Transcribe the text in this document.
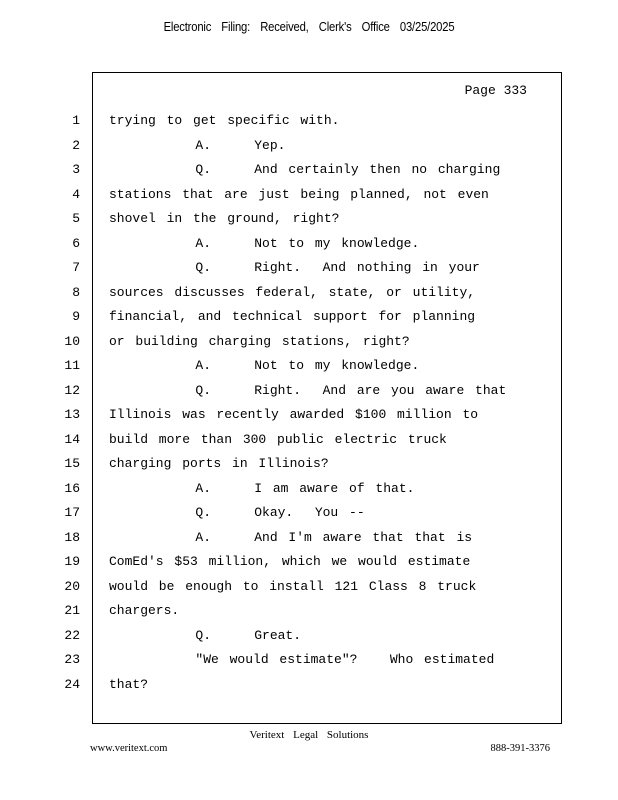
Electronic Filing: Received, Clerk's Office 03/25/2025
Page 333
1 trying to get specific with.
2 A.    Yep.
3 Q.    And certainly then no charging
4 stations that are just being planned, not even
5 shovel in the ground, right?
6 A.    Not to my knowledge.
7 Q.    Right.  And nothing in your
8 sources discusses federal, state, or utility,
9 financial, and technical support for planning
10 or building charging stations, right?
11 A.    Not to my knowledge.
12 Q.    Right.  And are you aware that
13 Illinois was recently awarded $100 million to
14 build more than 300 public electric truck
15 charging ports in Illinois?
16 A.    I am aware of that.
17 Q.    Okay.  You --
18 A.    And I'm aware that that is
19 ComEd's $53 million, which we would estimate
20 would be enough to install 121 Class 8 truck
21 chargers.
22 Q.    Great.
23 "We would estimate"?   Who estimated
24 that?
Veritext Legal Solutions
www.veritext.com	888-391-3376
